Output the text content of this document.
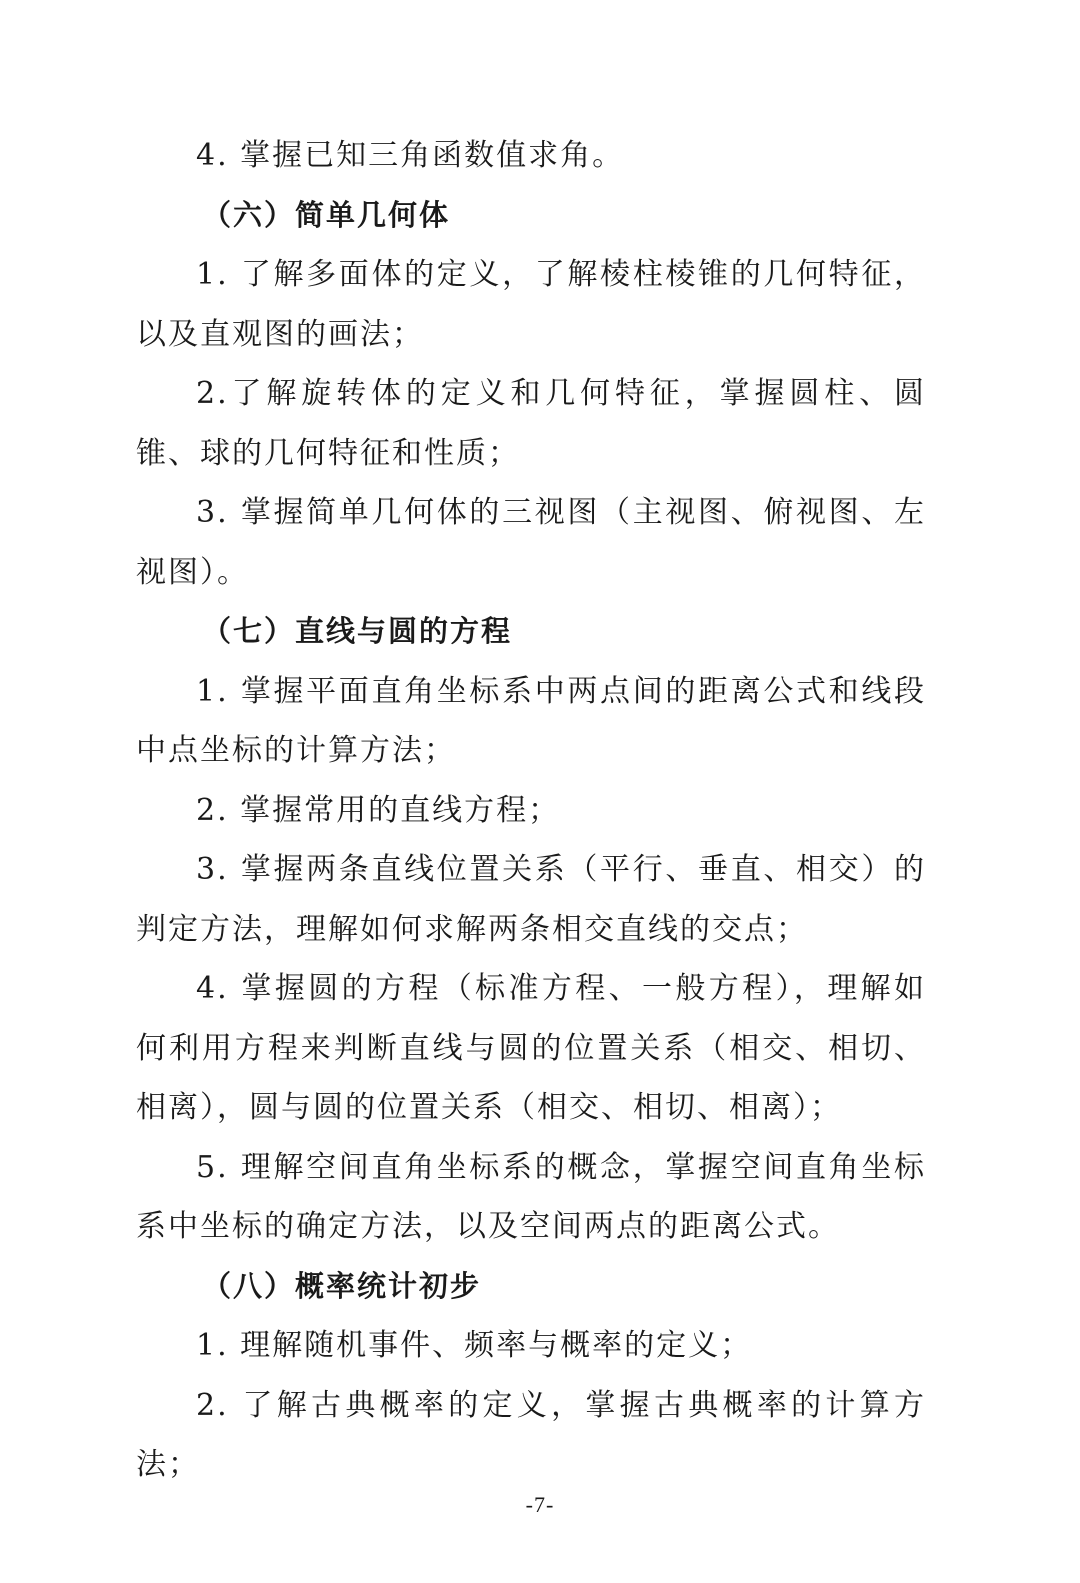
4. 掌握已知三角函数值求角。

（六）简单几何体

1. 了解多面体的定义，了解棱柱棱锥的几何特征，以及直观图的画法；

2.了解旋转体的定义和几何特征，掌握圆柱、圆锥、球的几何特征和性质；

3. 掌握简单几何体的三视图（主视图、俯视图、左视图）。

（七）直线与圆的方程

1. 掌握平面直角坐标系中两点间的距离公式和线段中点坐标的计算方法；

2. 掌握常用的直线方程；

3. 掌握两条直线位置关系（平行、垂直、相交）的判定方法，理解如何求解两条相交直线的交点；

4. 掌握圆的方程（标准方程、一般方程），理解如何利用方程来判断直线与圆的位置关系（相交、相切、相离），圆与圆的位置关系（相交、相切、相离）；

5. 理解空间直角坐标系的概念，掌握空间直角坐标系中坐标的确定方法，以及空间两点的距离公式。

（八）概率统计初步

1. 理解随机事件、频率与概率的定义；

2. 了解古典概率的定义，掌握古典概率的计算方法；

-7-
